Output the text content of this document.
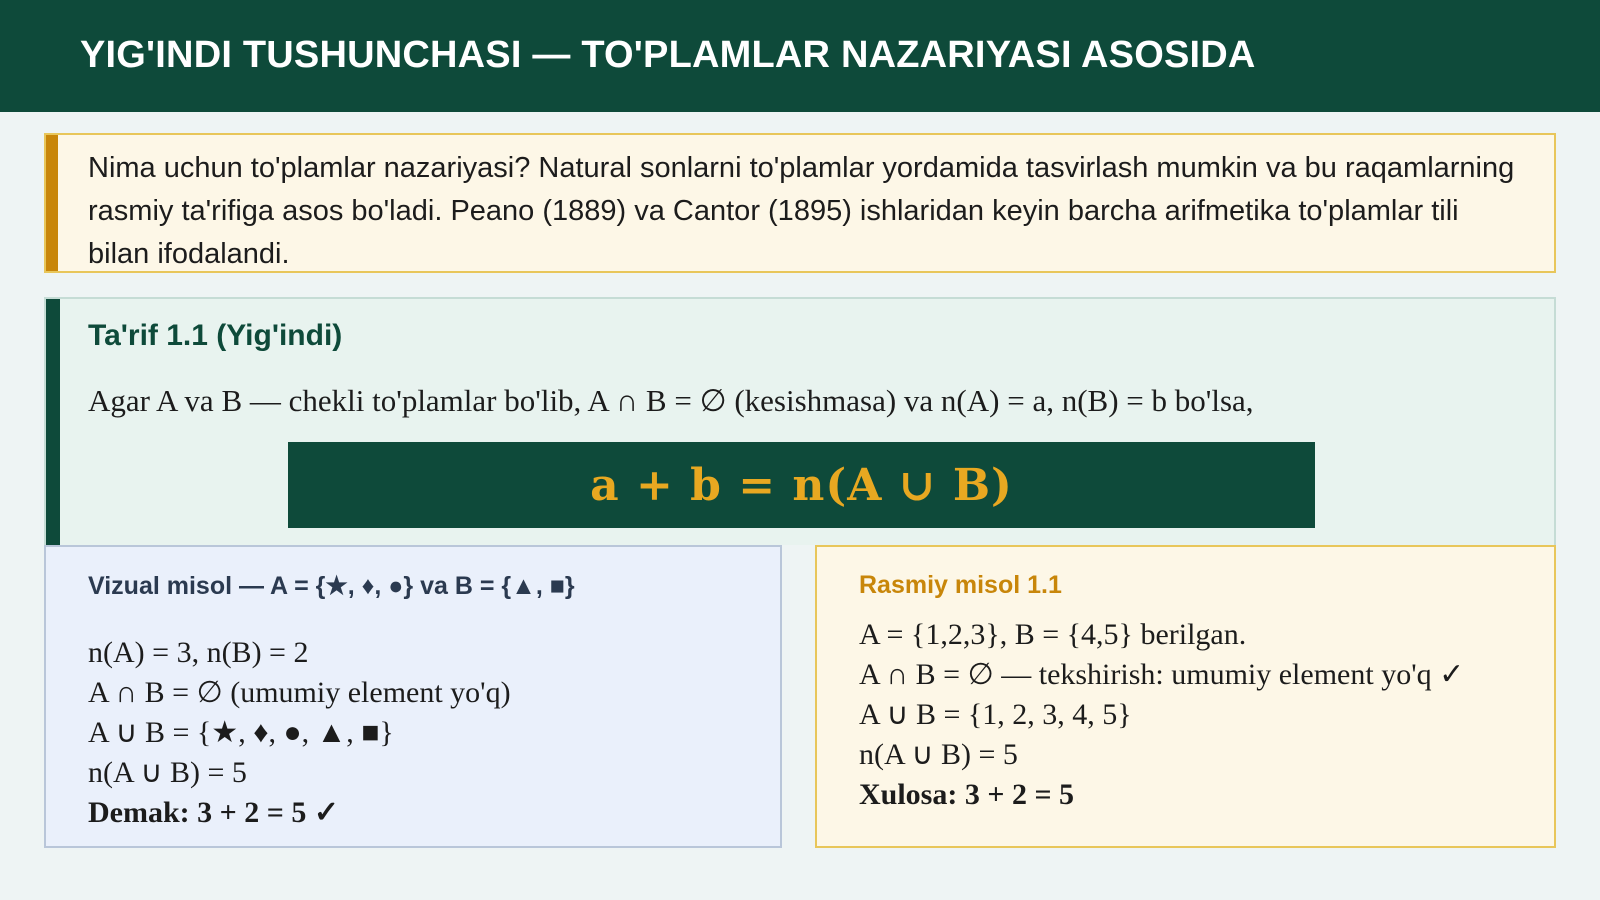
YIG'INDI TUSHUNCHASI — TO'PLAMLAR NAZARIYASI ASOSIDA
Nima uchun to'plamlar nazariyasi? Natural sonlarni to'plamlar yordamida tasvirlash mumkin va bu raqamlarning rasmiy ta'rifiga asos bo'ladi. Peano (1889) va Cantor (1895) ishlaridan keyin barcha arifmetika to'plamlar tili bilan ifodalandi.
Ta'rif 1.1 (Yig'indi)
Agar A va B — chekli to'plamlar bo'lib, A ∩ B = ∅ (kesishmasa) va n(A) = a, n(B) = b bo'lsa,
a + b = n(A ∪ B)
Vizual misol — A = {★, ♦, ●} va B = {▲, ■}
n(A) = 3, n(B) = 2
A ∩ B = ∅ (umumiy element yo'q)
A ∪ B = {★, ♦, ●, ▲, ■}
n(A ∪ B) = 5
Demak: 3 + 2 = 5 ✓
Rasmiy misol 1.1
A = {1,2,3}, B = {4,5} berilgan.
A ∩ B = ∅ — tekshirish: umumiy element yo'q ✓
A ∪ B = {1, 2, 3, 4, 5}
n(A ∪ B) = 5
Xulosa: 3 + 2 = 5
